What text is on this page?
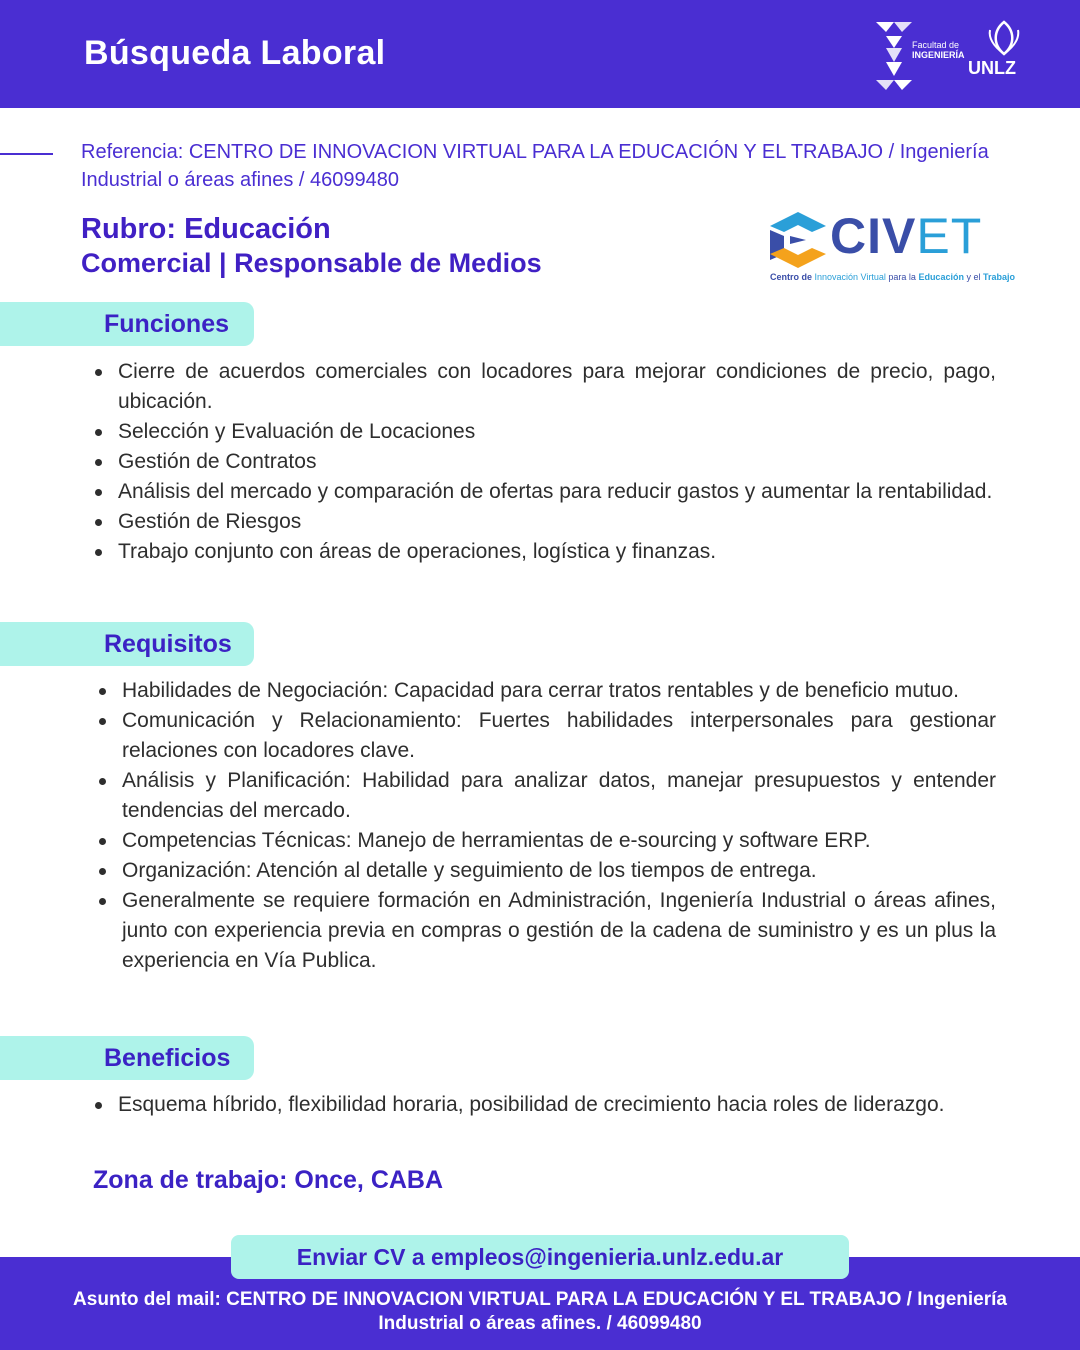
Búsqueda Laboral	Facultad de
INGENIERÍA
UNLZ
Referencia: CENTRO DE INNOVACION VIRTUAL PARA LA EDUCACIÓN Y EL TRABAJO / Ingeniería Industrial o áreas afines / 46099480
Rubro: Educación
Comercial | Responsable de Medios	CIVET
Centro de Innovación Virtual para la Educación y el Trabajo
Funciones
Cierre de acuerdos comerciales con locadores para mejorar condiciones de precio, pago, ubicación.
Selección y Evaluación de Locaciones
Gestión de Contratos
Análisis del mercado y comparación de ofertas para reducir gastos y aumentar la rentabilidad.
Gestión de Riesgos
Trabajo conjunto con áreas de operaciones, logística y finanzas.
Requisitos
Habilidades de Negociación: Capacidad para cerrar tratos rentables y de beneficio mutuo.
Comunicación y Relacionamiento: Fuertes habilidades interpersonales para gestionar relaciones con locadores clave.
Análisis y Planificación: Habilidad para analizar datos, manejar presupuestos y entender tendencias del mercado.
Competencias Técnicas: Manejo de herramientas de e-sourcing y software ERP.
Organización: Atención al detalle y seguimiento de los tiempos de entrega.
Generalmente se requiere formación en Administración, Ingeniería Industrial o áreas afines, junto con experiencia previa en compras o gestión de la cadena de suministro y es un plus la experiencia en Vía Publica.
Beneficios
Esquema híbrido, flexibilidad horaria, posibilidad de crecimiento hacia roles de liderazgo.
Zona de trabajo: Once, CABA
Enviar CV a empleos@ingenieria.unlz.edu.ar
Asunto del mail: CENTRO DE INNOVACION VIRTUAL PARA LA EDUCACIÓN Y EL TRABAJO / Ingeniería Industrial o áreas afines. / 46099480
